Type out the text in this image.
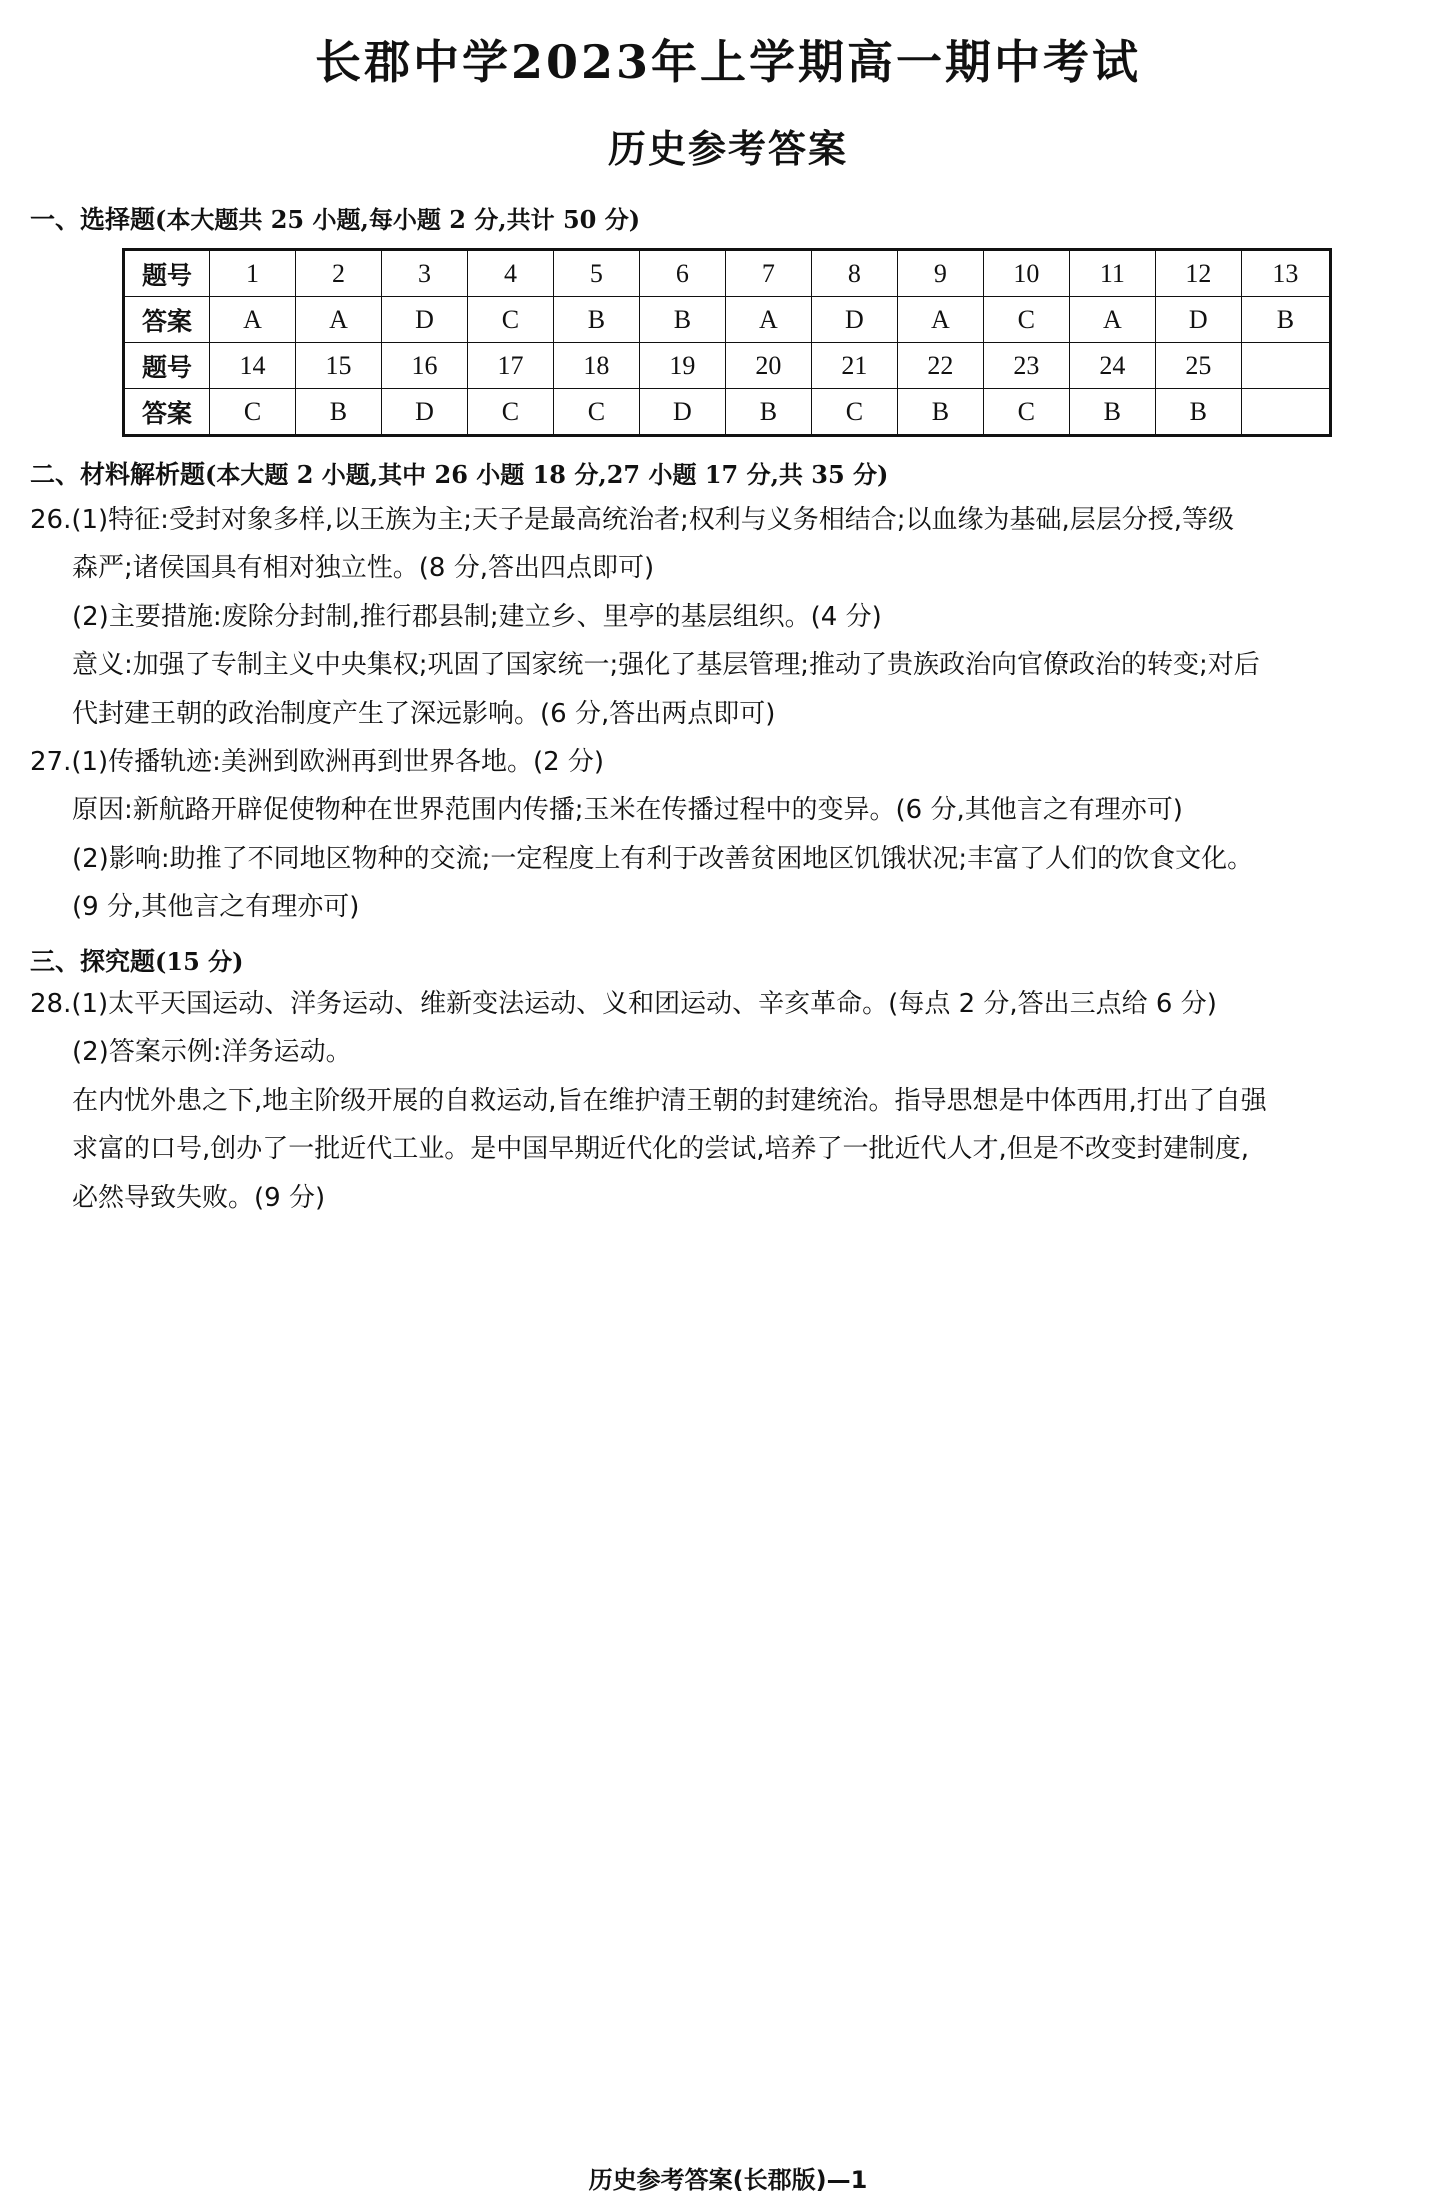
长郡中学2023年上学期高一期中考试
历史参考答案
一、选择题(本大题共 25 小题,每小题 2 分,共计 50 分)
题号	1	2	3	4	5	6	7	8	9	10	11	12	13
答案	A	A	D	C	B	B	A	D	A	C	A	D	B
题号	14	15	16	17	18	19	20	21	22	23	24	25	
答案	C	B	D	C	C	D	B	C	B	C	B	B	
二、材料解析题(本大题 2 小题,其中 26 小题 18 分,27 小题 17 分,共 35 分)
26.(1)特征:受封对象多样,以王族为主;天子是最高统治者;权利与义务相结合;以血缘为基础,层层分授,等级
森严;诸侯国具有相对独立性。(8 分,答出四点即可)
(2)主要措施:废除分封制,推行郡县制;建立乡、里亭的基层组织。(4 分)
意义:加强了专制主义中央集权;巩固了国家统一;强化了基层管理;推动了贵族政治向官僚政治的转变;对后
代封建王朝的政治制度产生了深远影响。(6 分,答出两点即可)
27.(1)传播轨迹:美洲到欧洲再到世界各地。(2 分)
原因:新航路开辟促使物种在世界范围内传播;玉米在传播过程中的变异。(6 分,其他言之有理亦可)
(2)影响:助推了不同地区物种的交流;一定程度上有利于改善贫困地区饥饿状况;丰富了人们的饮食文化。
(9 分,其他言之有理亦可)
三、探究题(15 分)
28.(1)太平天国运动、洋务运动、维新变法运动、义和团运动、辛亥革命。(每点 2 分,答出三点给 6 分)
(2)答案示例:洋务运动。
在内忧外患之下,地主阶级开展的自救运动,旨在维护清王朝的封建统治。指导思想是中体西用,打出了自强
求富的口号,创办了一批近代工业。是中国早期近代化的尝试,培养了一批近代人才,但是不改变封建制度,
必然导致失败。(9 分)
历史参考答案(长郡版)—1
